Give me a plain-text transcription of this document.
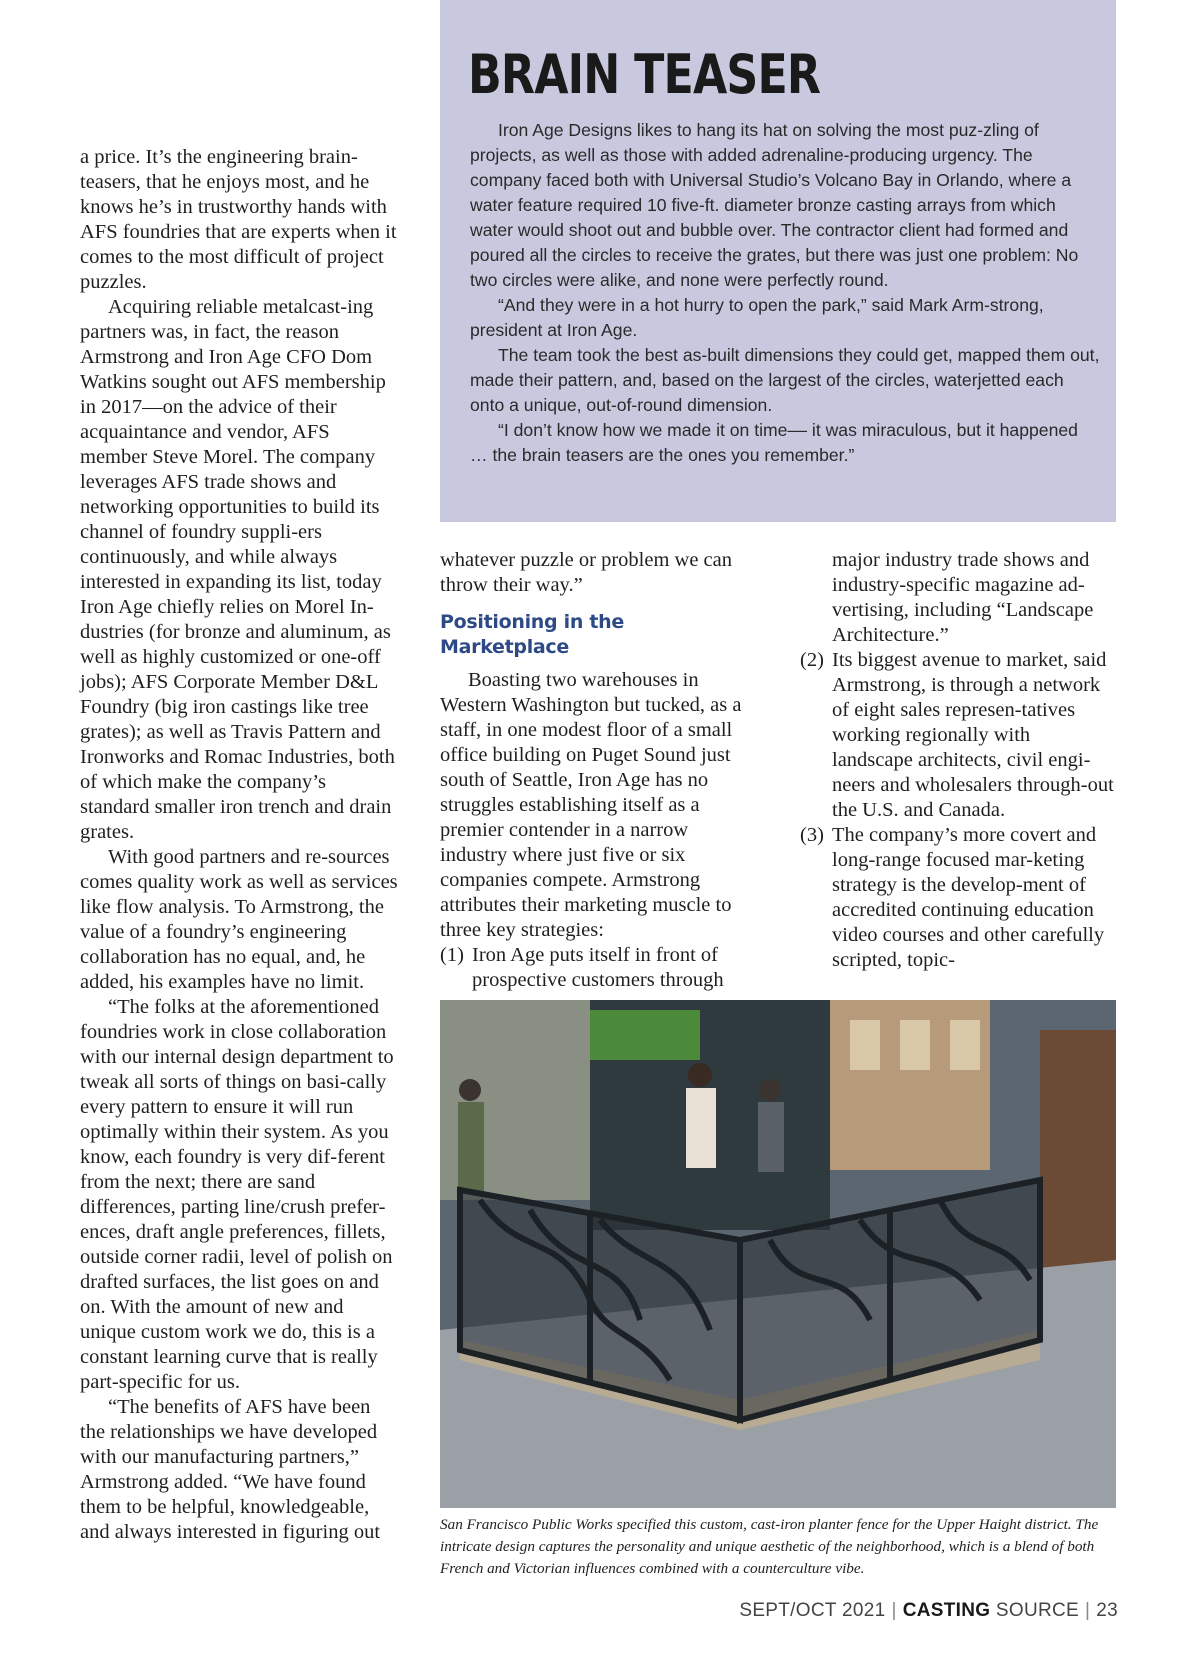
a price. It’s the engineering brain-teasers, that he enjoys most, and he knows he’s in trustworthy hands with AFS foundries that are experts when it comes to the most difficult of project puzzles.

Acquiring reliable metalcast-ing partners was, in fact, the reason Armstrong and Iron Age CFO Dom Watkins sought out AFS membership in 2017—on the advice of their acquaintance and vendor, AFS member Steve Morel. The company leverages AFS trade shows and networking opportunities to build its channel of foundry suppli-ers continuously, and while always interested in expanding its list, today Iron Age chiefly relies on Morel In-dustries (for bronze and aluminum, as well as highly customized or one-off jobs); AFS Corporate Member D&L Foundry (big iron castings like tree grates); as well as Travis Pattern and Ironworks and Romac Industries, both of which make the company’s standard smaller iron trench and drain grates.

With good partners and re-sources comes quality work as well as services like flow analysis. To Armstrong, the value of a foundry’s engineering collaboration has no equal, and, he added, his examples have no limit.

“The folks at the aforementioned foundries work in close collaboration with our internal design department to tweak all sorts of things on basi-cally every pattern to ensure it will run optimally within their system. As you know, each foundry is very dif-ferent from the next; there are sand differences, parting line/crush prefer-ences, draft angle preferences, fillets, outside corner radii, level of polish on drafted surfaces, the list goes on and on. With the amount of new and unique custom work we do, this is a constant learning curve that is really part-specific for us.

“The benefits of AFS have been the relationships we have developed with our manufacturing partners,” Armstrong added. “We have found them to be helpful, knowledgeable, and always interested in figuring out

BRAIN TEASER

Iron Age Designs likes to hang its hat on solving the most puz-zling of projects, as well as those with added adrenaline-producing urgency. The company faced both with Universal Studio’s Volcano Bay in Orlando, where a water feature required 10 five-ft. diameter bronze casting arrays from which water would shoot out and bubble over. The contractor client had formed and poured all the circles to receive the grates, but there was just one problem: No two circles were alike, and none were perfectly round.

“And they were in a hot hurry to open the park,” said Mark Arm-strong, president at Iron Age.

The team took the best as-built dimensions they could get, mapped them out, made their pattern, and, based on the largest of the circles, waterjetted each onto a unique, out-of-round dimension.

“I don’t know how we made it on time–– it was miraculous, but it happened … the brain teasers are the ones you remember.”

whatever puzzle or problem we can throw their way.”

Positioning in the Marketplace

Boasting two warehouses in Western Washington but tucked, as a staff, in one modest floor of a small office building on Puget Sound just south of Seattle, Iron Age has no struggles establishing itself as a premier contender in a narrow industry where just five or six companies compete. Armstrong attributes their marketing muscle to three key strategies:

(1) Iron Age puts itself in front of prospective customers through

major industry trade shows and industry-specific magazine ad-vertising, including “Landscape Architecture.”

(2) Its biggest avenue to market, said Armstrong, is through a network of eight sales represen-tatives working regionally with landscape architects, civil engi-neers and wholesalers through-out the U.S. and Canada.
(3) The company’s more covert and long-range focused mar-keting strategy is the develop-ment of accredited continuing education video courses and other carefully scripted, topic-
San Francisco Public Works specified this custom, cast-iron planter fence for the Upper Haight district. The intricate design captures the personality and unique aesthetic of the neighborhood, which is a blend of both French and Victorian influences combined with a counterculture vibe.
SEPT/OCT 2021 | CASTING SOURCE | 23
